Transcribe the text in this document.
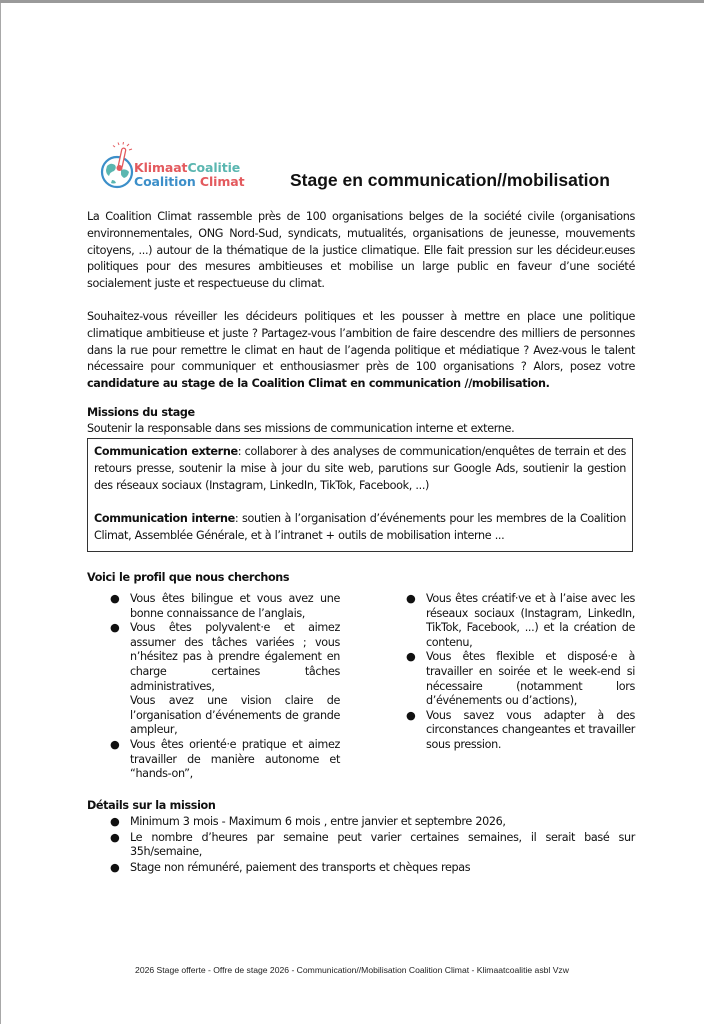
KlimaatCoalitie
Coalition Climat	Stage en communication//mobilisation

La Coalition Climat rassemble près de 100 organisations belges de la société civile (organisations environnementales, ONG Nord-Sud, syndicats, mutualités, organisations de jeunesse, mouvements citoyens, ...) autour de la thématique de la justice climatique. Elle fait pression sur les décideur.euses politiques pour des mesures ambitieuses et mobilise un large public en faveur d’une société socialement juste et respectueuse du climat.

Souhaitez-vous réveiller les décideurs politiques et les pousser à mettre en place une politique climatique ambitieuse et juste ? Partagez-vous l’ambition de faire descendre des milliers de personnes dans la rue pour remettre le climat en haut de l’agenda politique et médiatique ? Avez-vous le talent nécessaire pour communiquer et enthousiasmer près de 100 organisations ? Alors, posez votre candidature au stage de la Coalition Climat en communication //mobilisation.

Missions du stage
Soutenir la responsable dans ses missions de communication interne et externe.
Communication externe: collaborer à des analyses de communication/enquêtes de terrain et des retours presse, soutenir la mise à jour du site web, parutions sur Google Ads, soutienir la gestion des réseaux sociaux (Instagram, LinkedIn, TikTok, Facebook, ...)
Communication interne: soutien à l’organisation d’événements pour les membres de la Coalition Climat, Assemblée Générale, et à l’intranet + outils de mobilisation interne ...
Voici le profil que nous cherchons
● Vous êtes bilingue et vous avez une bonne connaissance de l’anglais,
● Vous êtes polyvalent·e et aimez assumer des tâches variées ; vous n’hésitez pas à prendre également en charge certaines tâches administratives,
Vous avez une vision claire de l’organisation d’événements de grande ampleur,
● Vous êtes orienté·e pratique et aimez travailler de manière autonome et “hands-on”,
● Vous êtes créatif·ve et à l’aise avec les réseaux sociaux (Instagram, LinkedIn, TikTok, Facebook, ...) et la création de contenu,
● Vous êtes flexible et disposé·e à travailler en soirée et le week-end si nécessaire (notamment lors d’événements ou d’actions),
● Vous savez vous adapter à des circonstances changeantes et travailler sous pression.
Détails sur la mission
● Minimum 3 mois - Maximum 6 mois , entre janvier et septembre 2026,
● Le nombre d’heures par semaine peut varier certaines semaines, il serait basé sur 35h/semaine,
● Stage non rémunéré, paiement des transports et chèques repas
2026 Stage offerte - Offre de stage 2026 - Communication//Mobilisation Coalition Climat - Klimaatcoalitie asbl Vzw
